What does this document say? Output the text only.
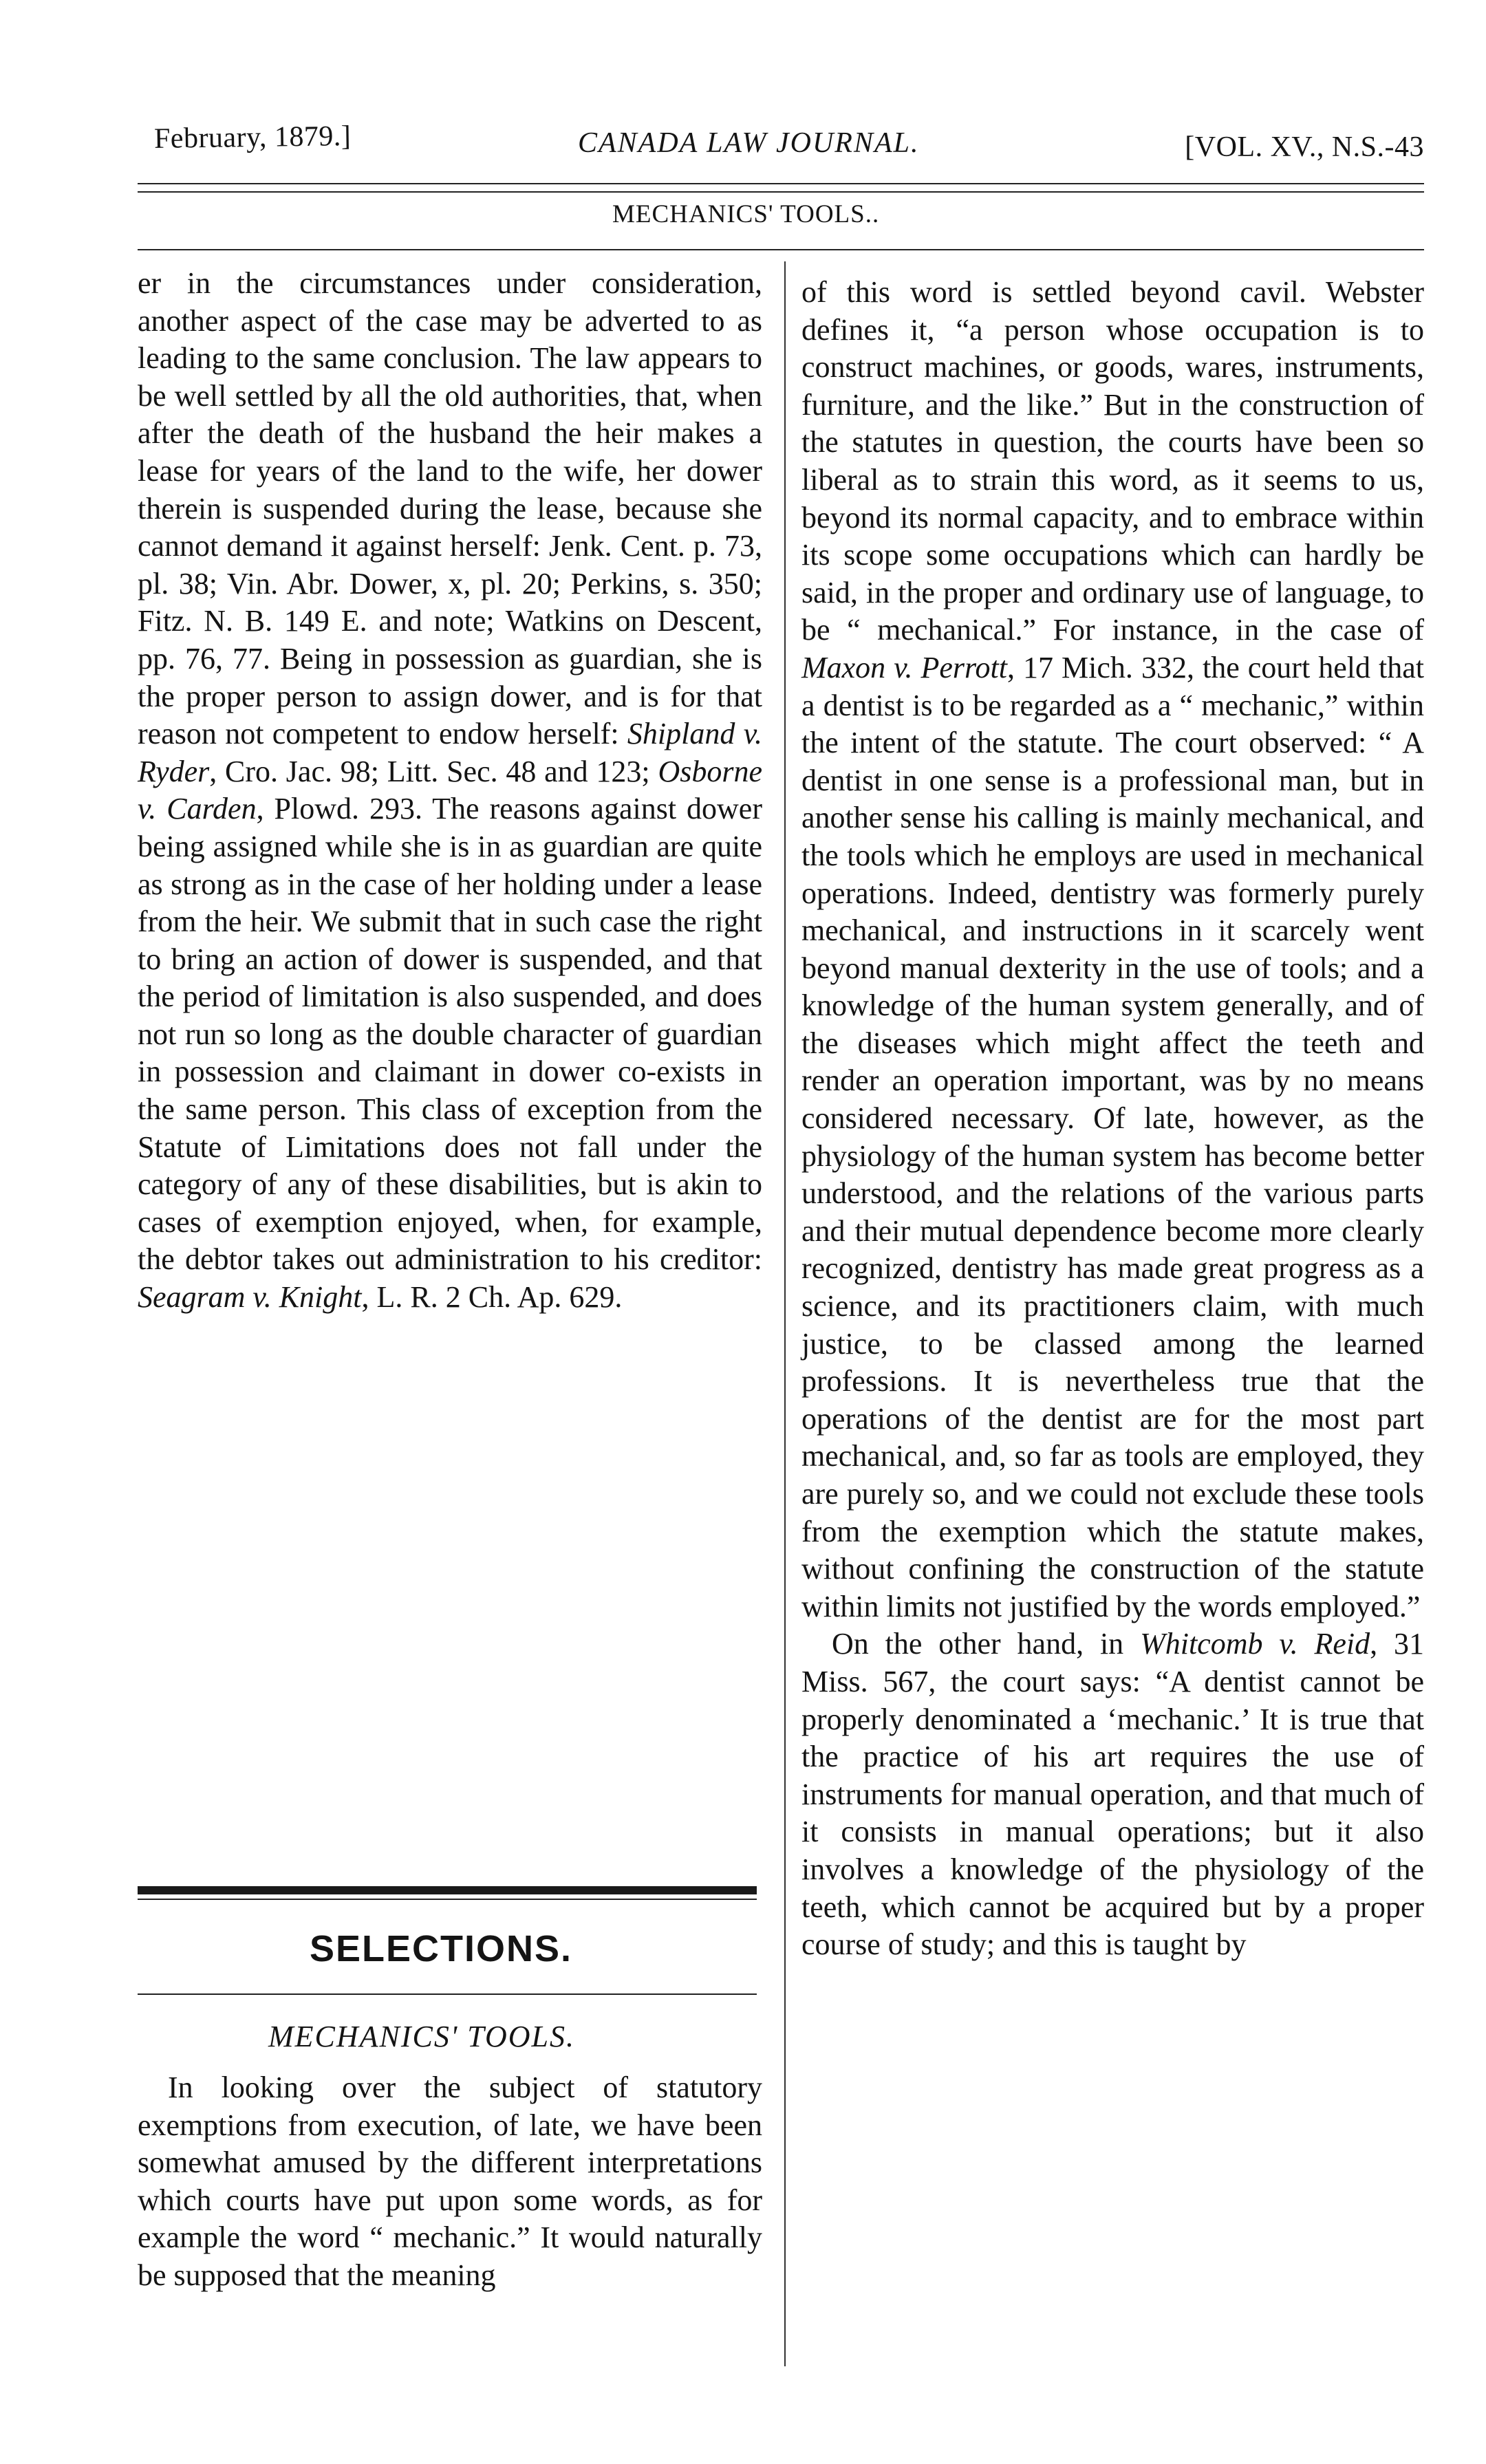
February, 1879.]	CANADA LAW JOURNAL.	[VOL. XV., N.S.-43
MECHANICS' TOOLS..

er in the circumstances under consideration, another aspect of the case may be adverted to as leading to the same conclusion. The law appears to be well settled by all the old authorities, that, when after the death of the husband the heir makes a lease for years of the land to the wife, her dower therein is suspended during the lease, because she cannot demand it against herself: Jenk. Cent. p. 73, pl. 38; Vin. Abr. Dower, x, pl. 20; Perkins, s. 350; Fitz. N. B. 149 E. and note; Watkins on Descent, pp. 76, 77. Being in possession as guardian, she is the proper person to assign dower, and is for that reason not competent to endow herself: Shipland v. Ryder, Cro. Jac. 98; Litt. Sec. 48 and 123; Osborne v. Carden, Plowd. 293. The reasons against dower being assigned while she is in as guardian are quite as strong as in the case of her holding under a lease from the heir. We submit that in such case the right to bring an action of dower is suspended, and that the period of limitation is also suspended, and does not run so long as the double character of guardian in possession and claimant in dower co-exists in the same person. This class of exception from the Statute of Limitations does not fall under the category of any of these disabilities, but is akin to cases of exemption enjoyed, when, for example, the debtor takes out administration to his creditor: Seagram v. Knight, L. R. 2 Ch. Ap. 629.

SELECTIONS.
MECHANICS' TOOLS.

In looking over the subject of statutory exemptions from execution, of late, we have been somewhat amused by the different interpretations which courts have put upon some words, as for example the word “ mechanic.” It would naturally be supposed that the meaning

of this word is settled beyond cavil. Webster defines it, “a person whose occupation is to construct machines, or goods, wares, instruments, furniture, and the like.” But in the construction of the statutes in question, the courts have been so liberal as to strain this word, as it seems to us, beyond its normal capacity, and to embrace within its scope some occupations which can hardly be said, in the proper and ordinary use of language, to be “ mechanical.” For instance, in the case of Maxon v. Perrott, 17 Mich. 332, the court held that a dentist is to be regarded as a “ mechanic,” within the intent of the statute. The court observed: “ A dentist in one sense is a professional man, but in another sense his calling is mainly mechanical, and the tools which he employs are used in mechanical operations. Indeed, dentistry was formerly purely mechanical, and instructions in it scarcely went beyond manual dexterity in the use of tools; and a knowledge of the human system generally, and of the diseases which might affect the teeth and render an operation important, was by no means considered necessary. Of late, however, as the physiology of the human system has become better understood, and the relations of the various parts and their mutual dependence become more clearly recognized, dentistry has made great progress as a science, and its practitioners claim, with much justice, to be classed among the learned professions. It is nevertheless true that the operations of the dentist are for the most part mechanical, and, so far as tools are employed, they are purely so, and we could not exclude these tools from the exemption which the statute makes, without confining the construction of the statute within limits not justified by the words employed.”

On the other hand, in Whitcomb v. Reid, 31 Miss. 567, the court says: “A dentist cannot be properly denominated a ‘mechanic.’ It is true that the practice of his art requires the use of instruments for manual operation, and that much of it consists in manual operations; but it also involves a knowledge of the physiology of the teeth, which cannot be acquired but by a proper course of study; and this is taught by
